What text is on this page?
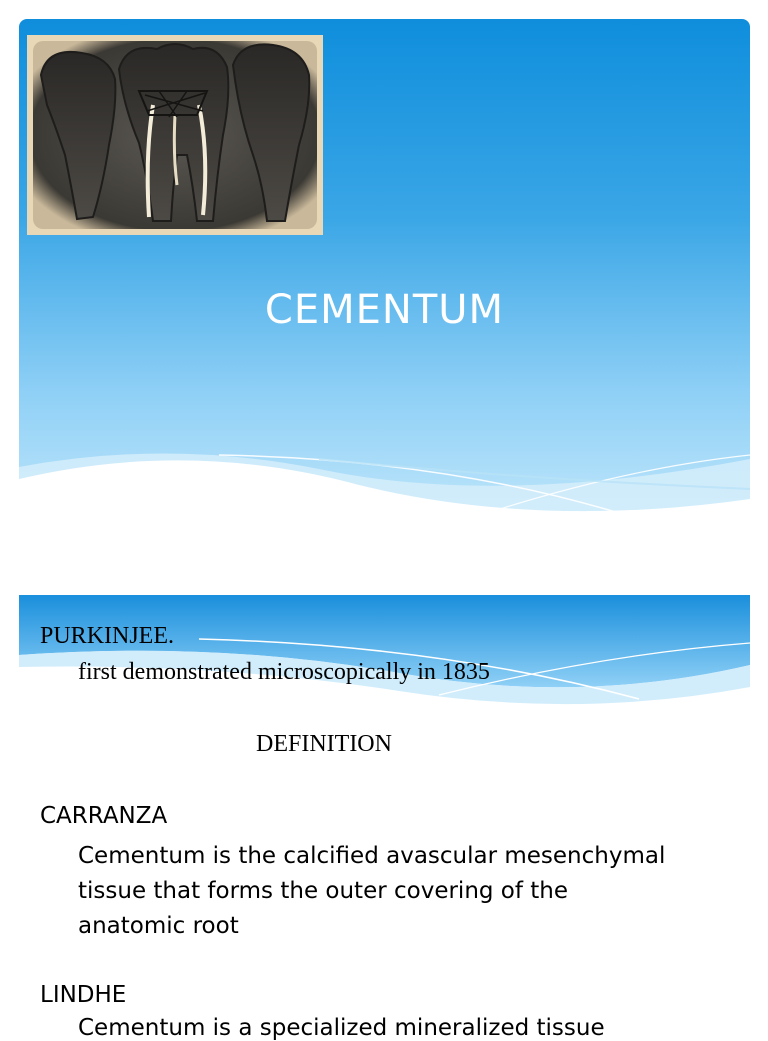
CEMENTUM
PURKINJEE.
first demonstrated microscopically in 1835
DEFINITION
CARRANZA
Cementum is the calcified avascular mesenchymal
tissue that forms the outer covering of the
anatomic root
LINDHE
Cementum is a specialized mineralized tissue
